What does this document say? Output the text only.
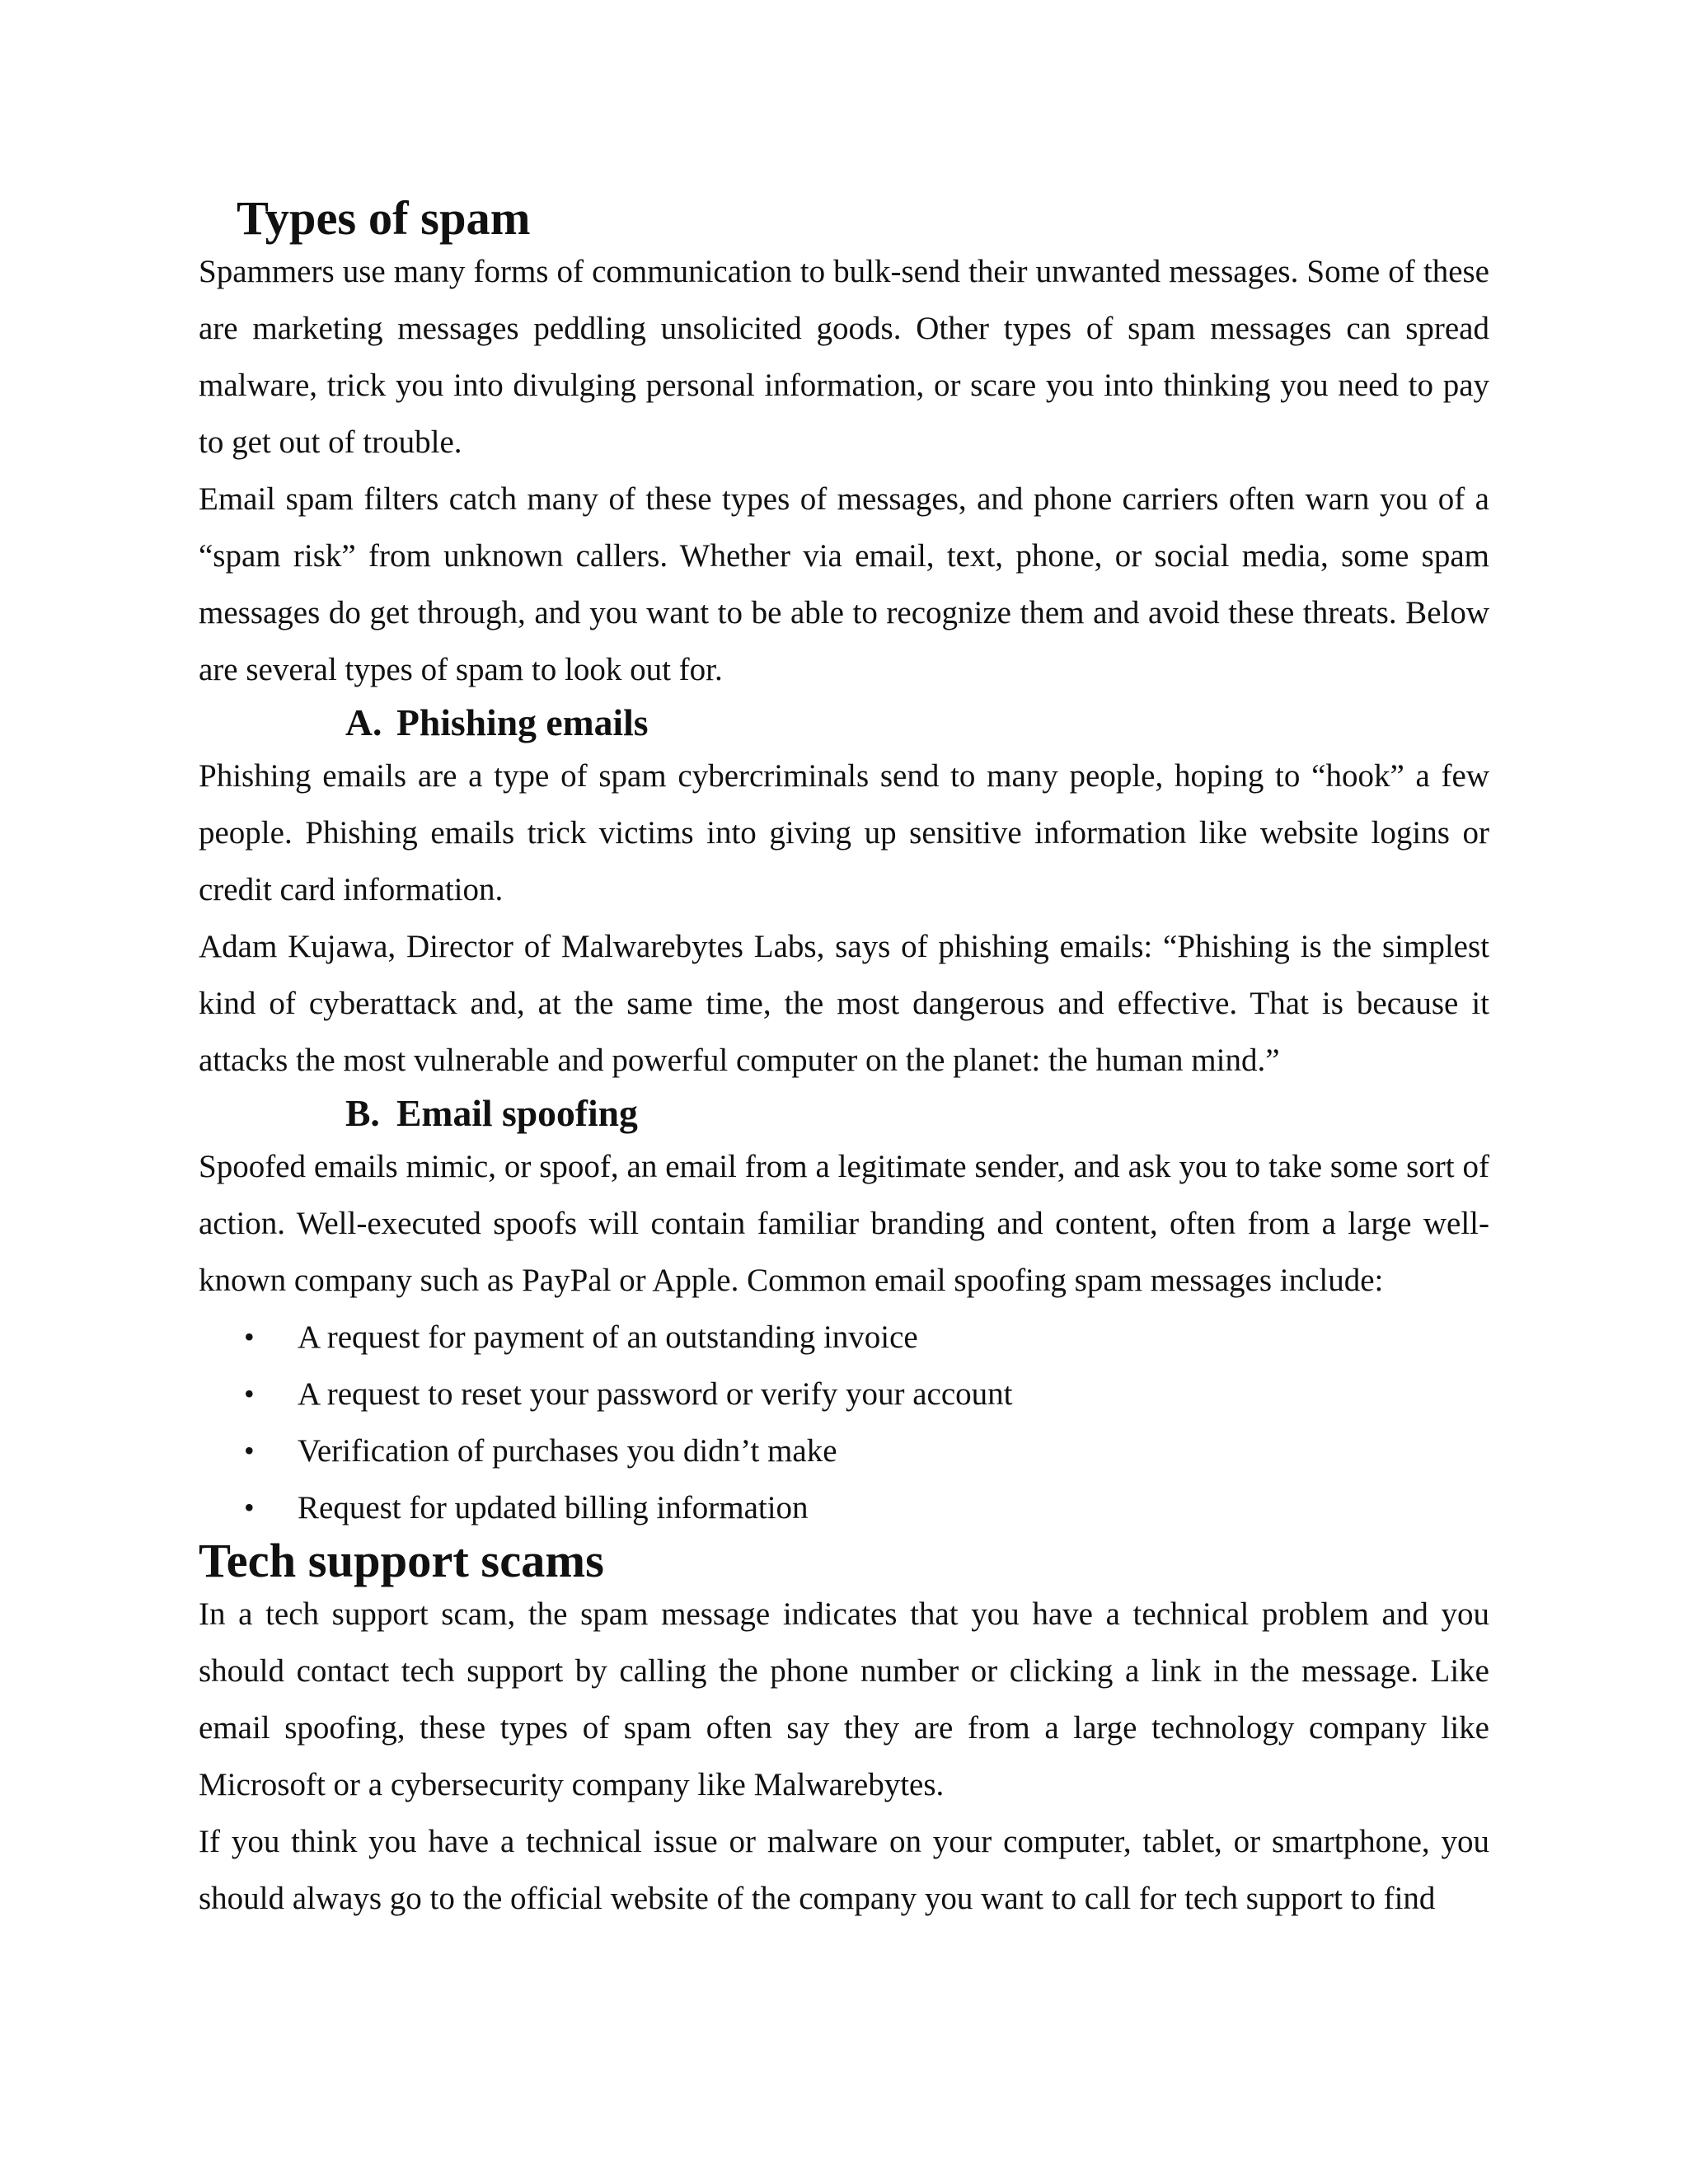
Types of spam

Spammers use many forms of communication to bulk-send their unwanted messages. Some of these are marketing messages peddling unsolicited goods. Other types of spam messages can spread malware, trick you into divulging personal information, or scare you into thinking you need to pay to get out of trouble.

Email spam filters catch many of these types of messages, and phone carriers often warn you of a “spam risk” from unknown callers. Whether via email, text, phone, or social media, some spam messages do get through, and you want to be able to recognize them and avoid these threats. Below are several types of spam to look out for.

A. Phishing emails

Phishing emails are a type of spam cybercriminals send to many people, hoping to “hook” a few people. Phishing emails trick victims into giving up sensitive information like website logins or credit card information.

Adam Kujawa, Director of Malwarebytes Labs, says of phishing emails: “Phishing is the simplest kind of cyberattack and, at the same time, the most dangerous and effective. That is because it attacks the most vulnerable and powerful computer on the planet: the human mind.”

B. Email spoofing

Spoofed emails mimic, or spoof, an email from a legitimate sender, and ask you to take some sort of action. Well-executed spoofs will contain familiar branding and content, often from a large well-known company such as PayPal or Apple. Common email spoofing spam messages include:

• A request for payment of an outstanding invoice
• A request to reset your password or verify your account
• Verification of purchases you didn’t make
• Request for updated billing information
Tech support scams

In a tech support scam, the spam message indicates that you have a technical problem and you should contact tech support by calling the phone number or clicking a link in the message. Like email spoofing, these types of spam often say they are from a large technology company like Microsoft or a cybersecurity company like Malwarebytes.

If you think you have a technical issue or malware on your computer, tablet, or smartphone, you should always go to the official website of the company you want to call for tech support to find
